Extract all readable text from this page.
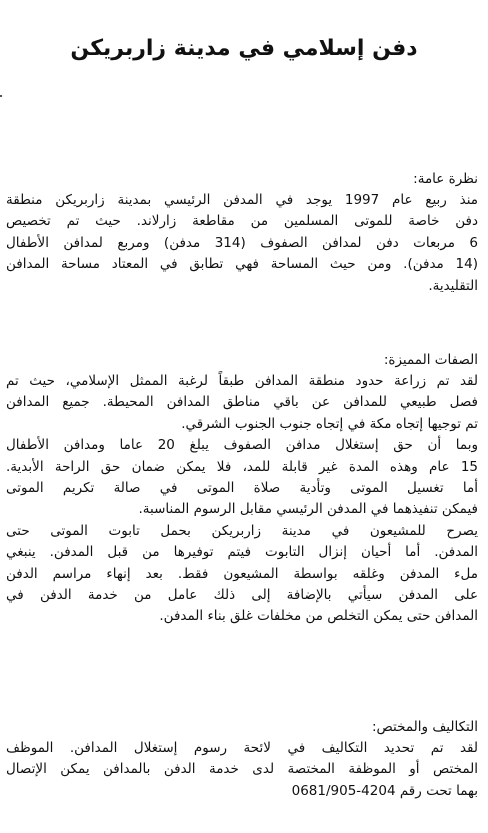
دفن إسلامي في مدينة زاربريكن
نظرة عامة:
منذ ربيع عام 1997 يوجد في المدفن الرئيسي بمدينة زاربريكن منطقة
دفن خاصة للموتى المسلمين من مقاطعة زارلاند. حيث تم تخصيص
6 مربعات دفن لمدافن الصفوف (314 مدفن) ومربع لمدافن الأطفال
(14 مدفن). ومن حيث المساحة فهي تطابق في المعتاد مساحة المدافن
التقليدية.
الصفات المميزة:
لقد تم زراعة حدود منطقة المدافن طبقاً لرغبة الممثل الإسلامي، حيث تم
فصل طبيعي للمدافن عن باقي مناطق المدافن المحيطة. جميع المدافن
تم توجيها إتجاه مكة في إتجاه جنوب الجنوب الشرقي.
وبما أن حق إستغلال مدافن الصفوف يبلغ 20 عاما ومدافن الأطفال
15 عام وهذه المدة غير قابلة للمد، فلا يمكن ضمان حق الراحة الأبدية.
أما تغسيل الموتى وتأدية صلاة الموتى في صالة تكريم الموتى
فيمكن تنفيذهما في المدفن الرئيسي مقابل الرسوم المناسبة.
يصرح للمشيعون في مدينة زاربريكن بحمل تابوت الموتى حتى
المدفن. أما أحيان إنزال التابوت فيتم توفيرها من قبل المدفن. ينبغي
ملء المدفن وغلقه بواسطة المشيعون فقط. بعد إنهاء مراسم الدفن
على المدفن سيأتي بالإضافة إلى ذلك عامل من خدمة الدفن في
المدافن حتى يمكن التخلص من مخلفات غلق بناء المدفن.
التكاليف والمختص:
لقد تم تحديد التكاليف في لائحة رسوم إستغلال المدافن. الموظف
المختص أو الموظفة المختصة لدى خدمة الدفن بالمدافن يمكن الإتصال
بهما تحت رقم 4204-0681/905
